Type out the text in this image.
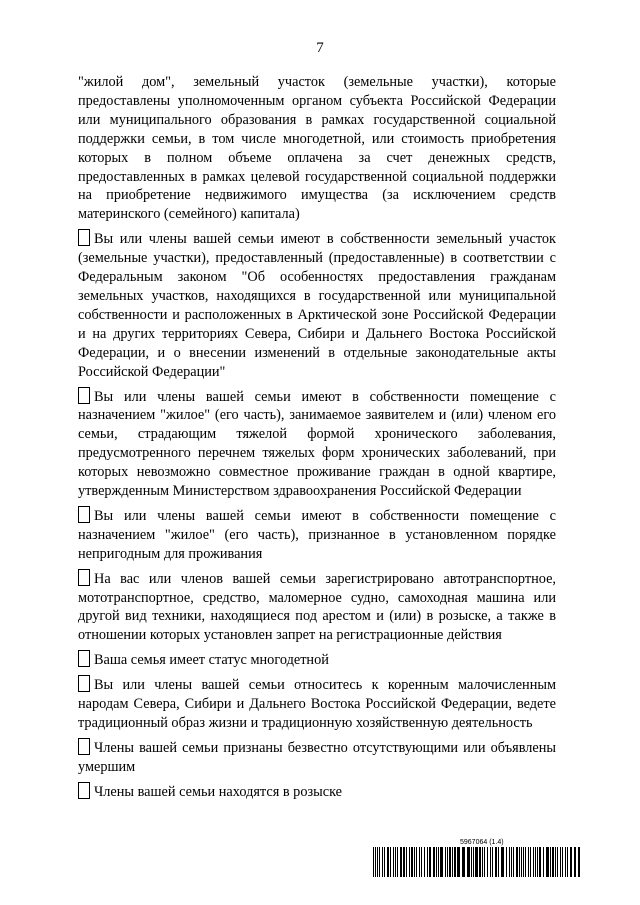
7

"жилой дом", земельный участок (земельные участки), которые предоставлены уполномоченным органом субъекта Российской Федерации или муниципального образования в рамках государственной социальной поддержки семьи, в том числе многодетной, или стоимость приобретения которых в полном объеме оплачена за счет денежных средств, предоставленных в рамках целевой государственной социальной поддержки на приобретение недвижимого имущества (за исключением средств материнского (семейного) капитала)

Вы или члены вашей семьи имеют в собственности земельный участок (земельные участки), предоставленный (предоставленные) в соответствии с Федеральным законом "Об особенностях предоставления гражданам земельных участков, находящихся в государственной или муниципальной собственности и расположенных в Арктической зоне Российской Федерации и на других территориях Севера, Сибири и Дальнего Востока Российской Федерации, и о внесении изменений в отдельные законодательные акты Российской Федерации"
Вы или члены вашей семьи имеют в собственности помещение с назначением "жилое" (его часть), занимаемое заявителем и (или) членом его семьи, страдающим тяжелой формой хронического заболевания, предусмотренного перечнем тяжелых форм хронических заболеваний, при которых невозможно совместное проживание граждан в одной квартире, утвержденным Министерством здравоохранения Российской Федерации
Вы или члены вашей семьи имеют в собственности помещение с назначением "жилое" (его часть), признанное в установленном порядке непригодным для проживания
На вас или членов вашей семьи зарегистрировано автотранспортное, мототранспортное, средство, маломерное судно, самоходная машина или другой вид техники, находящиеся под арестом и (или) в розыске, а также в отношении которых установлен запрет на регистрационные действия
Ваша семья имеет статус многодетной
Вы или члены вашей семьи относитесь к коренным малочисленным народам Севера, Сибири и Дальнего Востока Российской Федерации, ведете традиционный образ жизни и традиционную хозяйственную деятельность
Члены вашей семьи признаны безвестно отсутствующими или объявлены умершим
Члены вашей семьи находятся в розыске
5967064 (1.4)
